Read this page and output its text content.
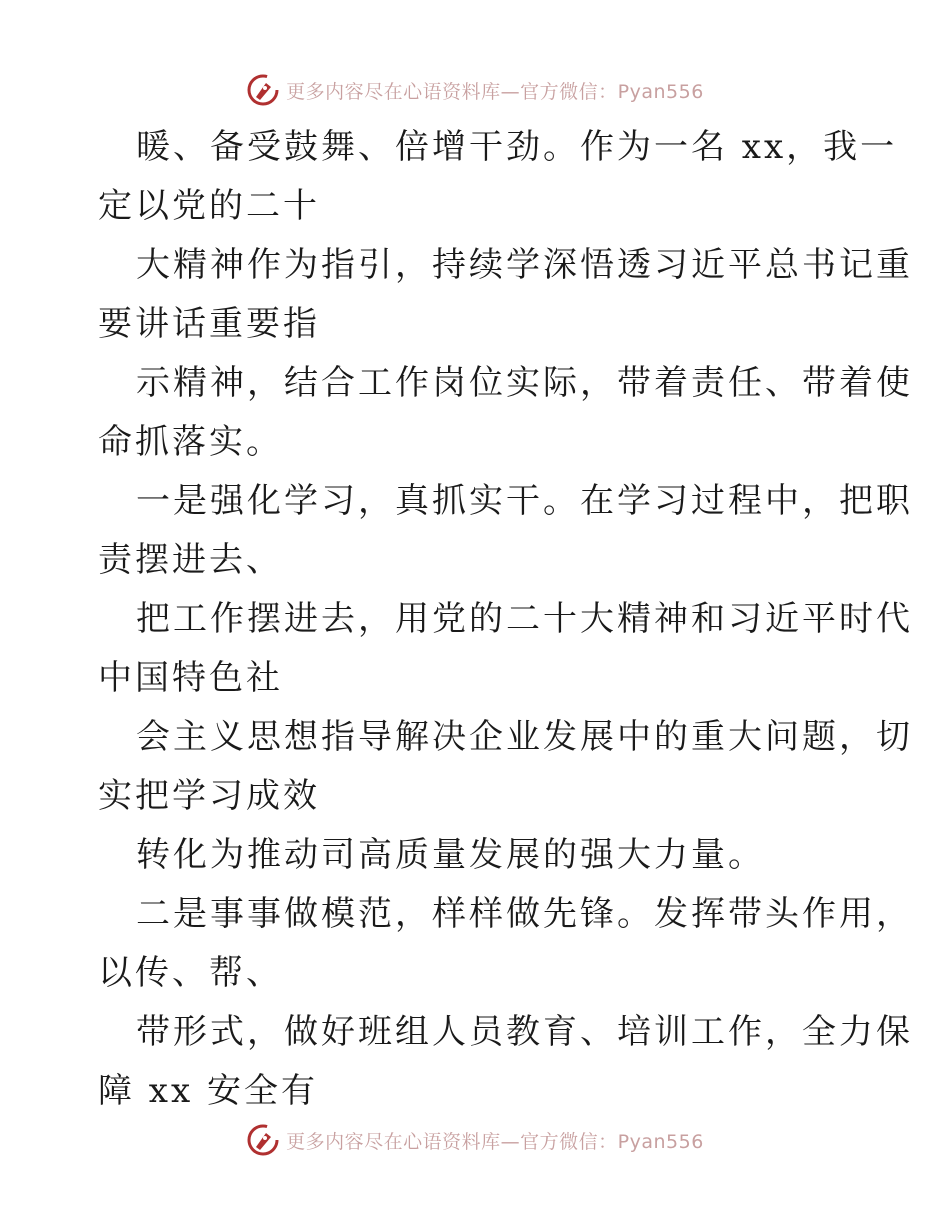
更多内容尽在心语资料库—官方微信：Pyan556

暖、备受鼓舞、倍增干劲。作为一名 xx，我一
定以党的二十

大精神作为指引，持续学深悟透习近平总书记重
要讲话重要指

示精神，结合工作岗位实际，带着责任、带着使
命抓落实。

一是强化学习，真抓实干。在学习过程中，把职
责摆进去、

把工作摆进去，用党的二十大精神和习近平时代
中国特色社

会主义思想指导解决企业发展中的重大问题，切
实把学习成效

转化为推动司高质量发展的强大力量。

二是事事做模范，样样做先锋。发挥带头作用，
以传、帮、

带形式，做好班组人员教育、培训工作，全力保
障 xx 安全有

更多内容尽在心语资料库—官方微信：Pyan556
